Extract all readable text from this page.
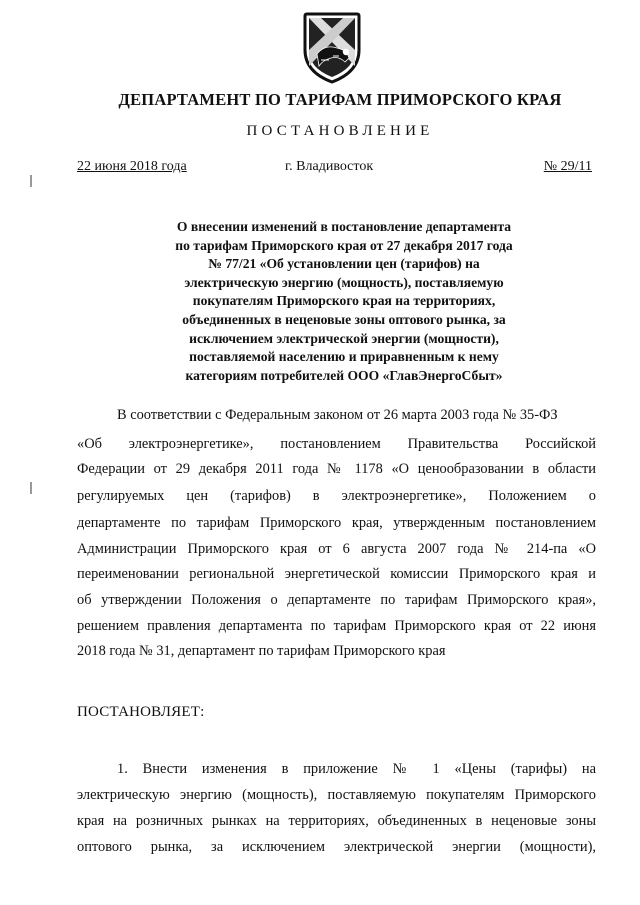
ДЕПАРТАМЕНТ ПО ТАРИФАМ ПРИМОРСКОГО КРАЯ
ПОСТАНОВЛЕНИЕ
22 июня 2018 года	г. Владивосток	№ 29/11
О внесении изменений в постановление департамента
по тарифам Приморского края от 27 декабря 2017 года
№ 77/21 «Об установлении цен (тарифов) на
электрическую энергию (мощность), поставляемую
покупателям Приморского края на территориях,
объединенных в неценовые зоны оптового рынка, за
исключением электрической энергии (мощности),
поставляемой населению и приравненным к нему
категориям потребителей ООО «ГлавЭнергоСбыт»
В соответствии с Федеральным законом от 26 марта 2003 года № 35-ФЗ
«Об электроэнергетике», постановлением Правительства Российской
Федерации от 29 декабря 2011 года № 1178 «О ценообразовании в области
регулируемых цен (тарифов) в электроэнергетике», Положением о
департаменте по тарифам Приморского края, утвержденным постановлением
Администрации Приморского края от 6 августа 2007 года № 214-па «О
переименовании региональной энергетической комиссии Приморского края и
об утверждении Положения о департаменте по тарифам Приморского края»,
решением правления департамента по тарифам Приморского края от 22 июня
2018 года № 31, департамент по тарифам Приморского края
ПОСТАНОВЛЯЕТ:
1. Внести изменения в приложение № 1 «Цены (тарифы) на
электрическую энергию (мощность), поставляемую покупателям Приморского
края на розничных рынках на территориях, объединенных в неценовые зоны
оптового рынка, за исключением электрической энергии (мощности),
